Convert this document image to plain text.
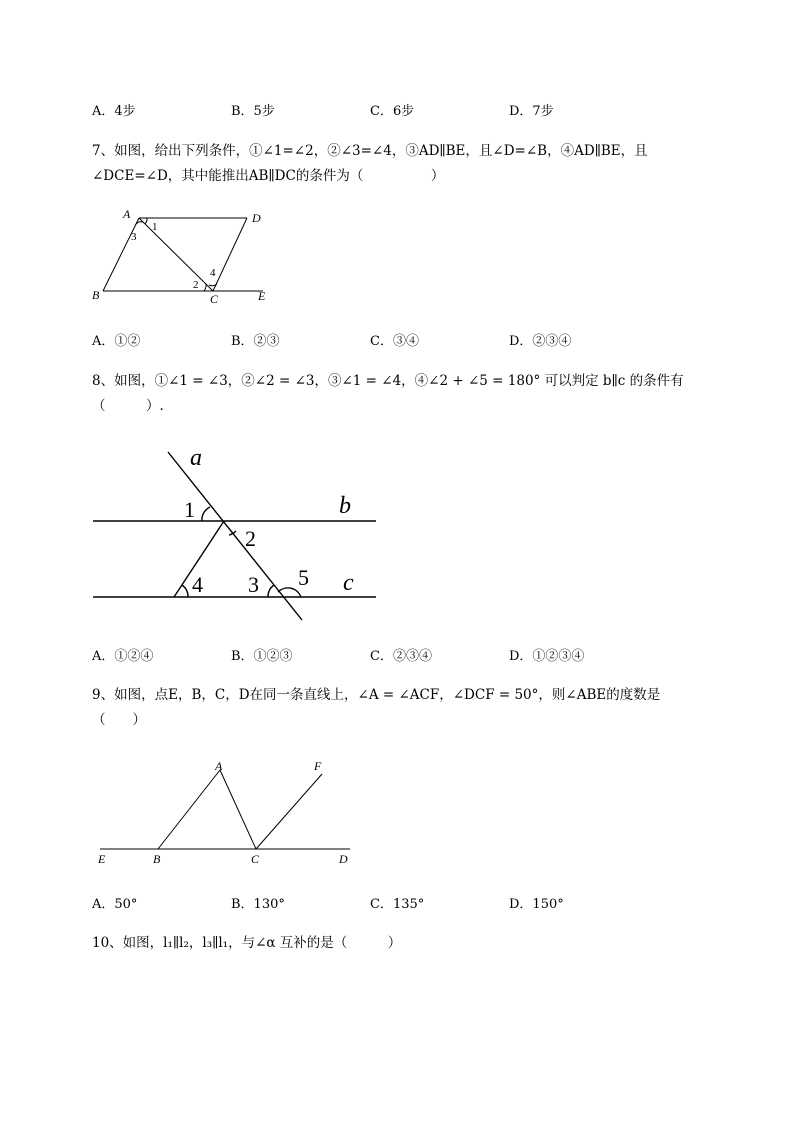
A．4步	B．5步	C．6步	D．7步
7、如图，给出下列条件，①∠1=∠2，②∠3=∠4，③AD∥BE，且∠D=∠B，④AD∥BE，且
∠DCE=∠D，其中能推出AB∥DC的条件为（　　　　　）
A	D
B	C	E
1
3
2
4
A．①②	B．②③	C．③④	D．②③④
8、如图，①∠1 = ∠3，②∠2 = ∠3，③∠1 = ∠4，④∠2 + ∠5 = 180° 可以判定 b∥c 的条件有
（　　　）.
a
b
c
1
2
3
4	5
A．①②④	B．①②③	C．②③④	D．①②③④
9、如图，点E，B，C，D在同一条直线上，∠A = ∠ACF，∠DCF = 50°，则∠ABE的度数是
（　　）
A	F
E	B	C	D
A．50°	B．130°	C．135°	D．150°
10、如图，l₁∥l₂，l₃∥l₁，与∠α 互补的是（　　　）
